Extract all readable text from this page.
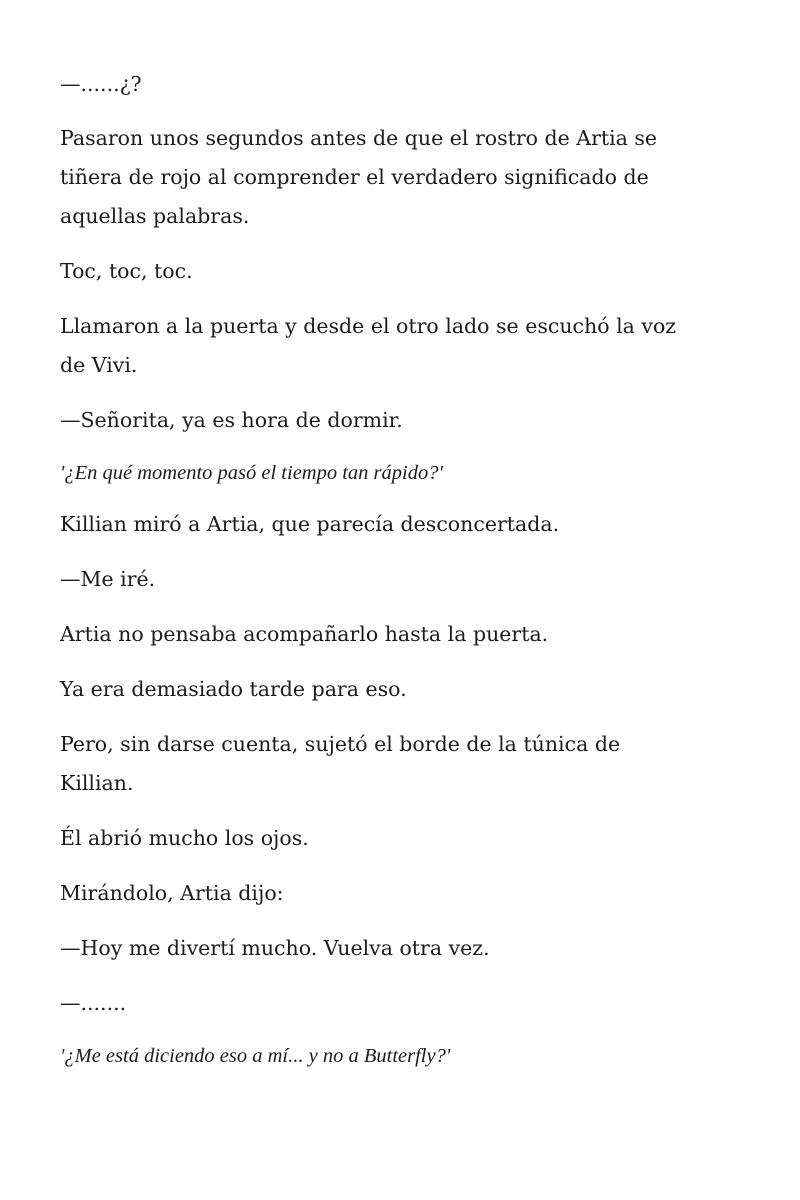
—......¿?
Pasaron unos segundos antes de que el rostro de Artia se
tiñera de rojo al comprender el verdadero significado de
aquellas palabras.
Toc, toc, toc.
Llamaron a la puerta y desde el otro lado se escuchó la voz
de Vivi.
—Señorita, ya es hora de dormir.
'¿En qué momento pasó el tiempo tan rápido?'
Killian miró a Artia, que parecía desconcertada.
—Me iré.
Artia no pensaba acompañarlo hasta la puerta.
Ya era demasiado tarde para eso.
Pero, sin darse cuenta, sujetó el borde de la túnica de
Killian.
Él abrió mucho los ojos.
Mirándolo, Artia dijo:
—Hoy me divertí mucho. Vuelva otra vez.
—.......
'¿Me está diciendo eso a mí... y no a Butterfly?'
